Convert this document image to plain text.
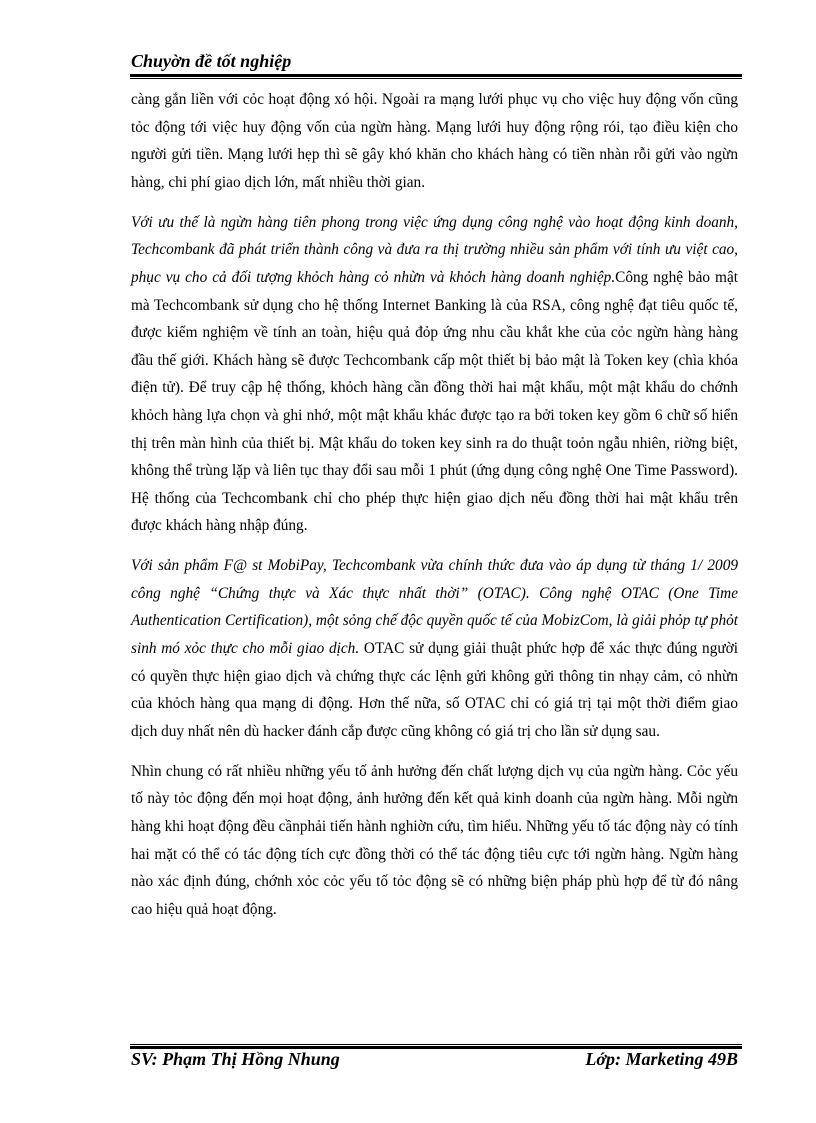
Chuyờn đề tốt nghiệp

càng gắn liền với cỏc hoạt động xó hội. Ngoài ra mạng lưới phục vụ cho việc huy động vốn cũng tỏc động tới việc huy động vốn của ngừn hàng. Mạng lưới huy động rộng rói, tạo điều kiện cho người gửi tiền. Mạng lưới hẹp thì sẽ gây khó khăn cho khách hàng có tiền nhàn rỗi gửi vào ngừn hàng, chi phí giao dịch lớn, mất nhiều thời gian.

Với ưu thế là ngừn hàng tiên phong trong việc ứng dụng công nghệ vào hoạt động kinh doanh, Techcombank đã phát triển thành công và đưa ra thị trường nhiều sản phẩm với tính ưu việt cao, phục vụ cho cả đối tượng khỏch hàng cỏ nhừn và khỏch hàng doanh nghiệp.Công nghệ bảo mật mà Techcombank sử dụng cho hệ thống Internet Banking là của RSA, công nghệ đạt tiêu quốc tế, được kiểm nghiệm về tính an toàn, hiệu quả đỏp ứng nhu cầu khắt khe của cỏc ngừn hàng hàng đầu thế giới. Khách hàng sẽ được Techcombank cấp một thiết bị bảo mật là Token key (chìa khóa điện tử). Để truy cập hệ thống, khỏch hàng cần đồng thời hai mật khẩu, một mật khẩu do chớnh khỏch hàng lựa chọn và ghi nhớ, một mật khẩu khác được tạo ra bởi token key gồm 6 chữ số hiển thị trên màn hình của thiết bị. Mật khẩu do token key sinh ra do thuật toỏn ngẫu nhiên, riờng biệt, không thể trùng lặp và liên tục thay đổi sau mỗi 1 phút (ứng dụng công nghệ One Time Password). Hệ thống của Techcombank chỉ cho phép thực hiện giao dịch nếu đồng thời hai mật khẩu trên được khách hàng nhập đúng.

Với sản phẩm F@ st MobiPay, Techcombank vừa chính thức đưa vào áp dụng từ tháng 1/ 2009 công nghệ “Chứng thực và Xác thực nhất thời” (OTAC). Công nghệ OTAC (One Time Authentication Certification), một sỏng chế độc quyền quốc tế của MobizCom, là giải phỏp tự phỏt sinh mó xỏc thực cho mỗi giao dịch. OTAC sử dụng giải thuật phức hợp để xác thực đúng người có quyền thực hiện giao dịch và chứng thực các lệnh gửi không gửi thông tin nhạy cảm, cỏ nhừn của khỏch hàng qua mạng di động. Hơn thế nữa, số OTAC chỉ có giá trị tại một thời điểm giao dịch duy nhất nên dù hacker đánh cắp được cũng không có giá trị cho lần sử dụng sau.

Nhìn chung có rất nhiều những yếu tố ảnh hưởng đến chất lượng dịch vụ của ngừn hàng. Cỏc yếu tố này tỏc động đến mọi hoạt động, ảnh hưởng đến kết quả kinh doanh của ngừn hàng. Mỗi ngừn hàng khi hoạt động đều cầnphải tiến hành nghiờn cứu, tìm hiểu. Những yếu tố tác động này có tính hai mặt có thể có tác động tích cực đồng thời có thể tác động tiêu cực tới ngừn hàng. Ngừn hàng nào xác định đúng, chớnh xỏc cỏc yếu tố tỏc động sẽ có những biện pháp phù hợp để từ đó nâng cao hiệu quả hoạt động.

SV: Phạm Thị Hồng Nhung	Lớp: Marketing 49B
